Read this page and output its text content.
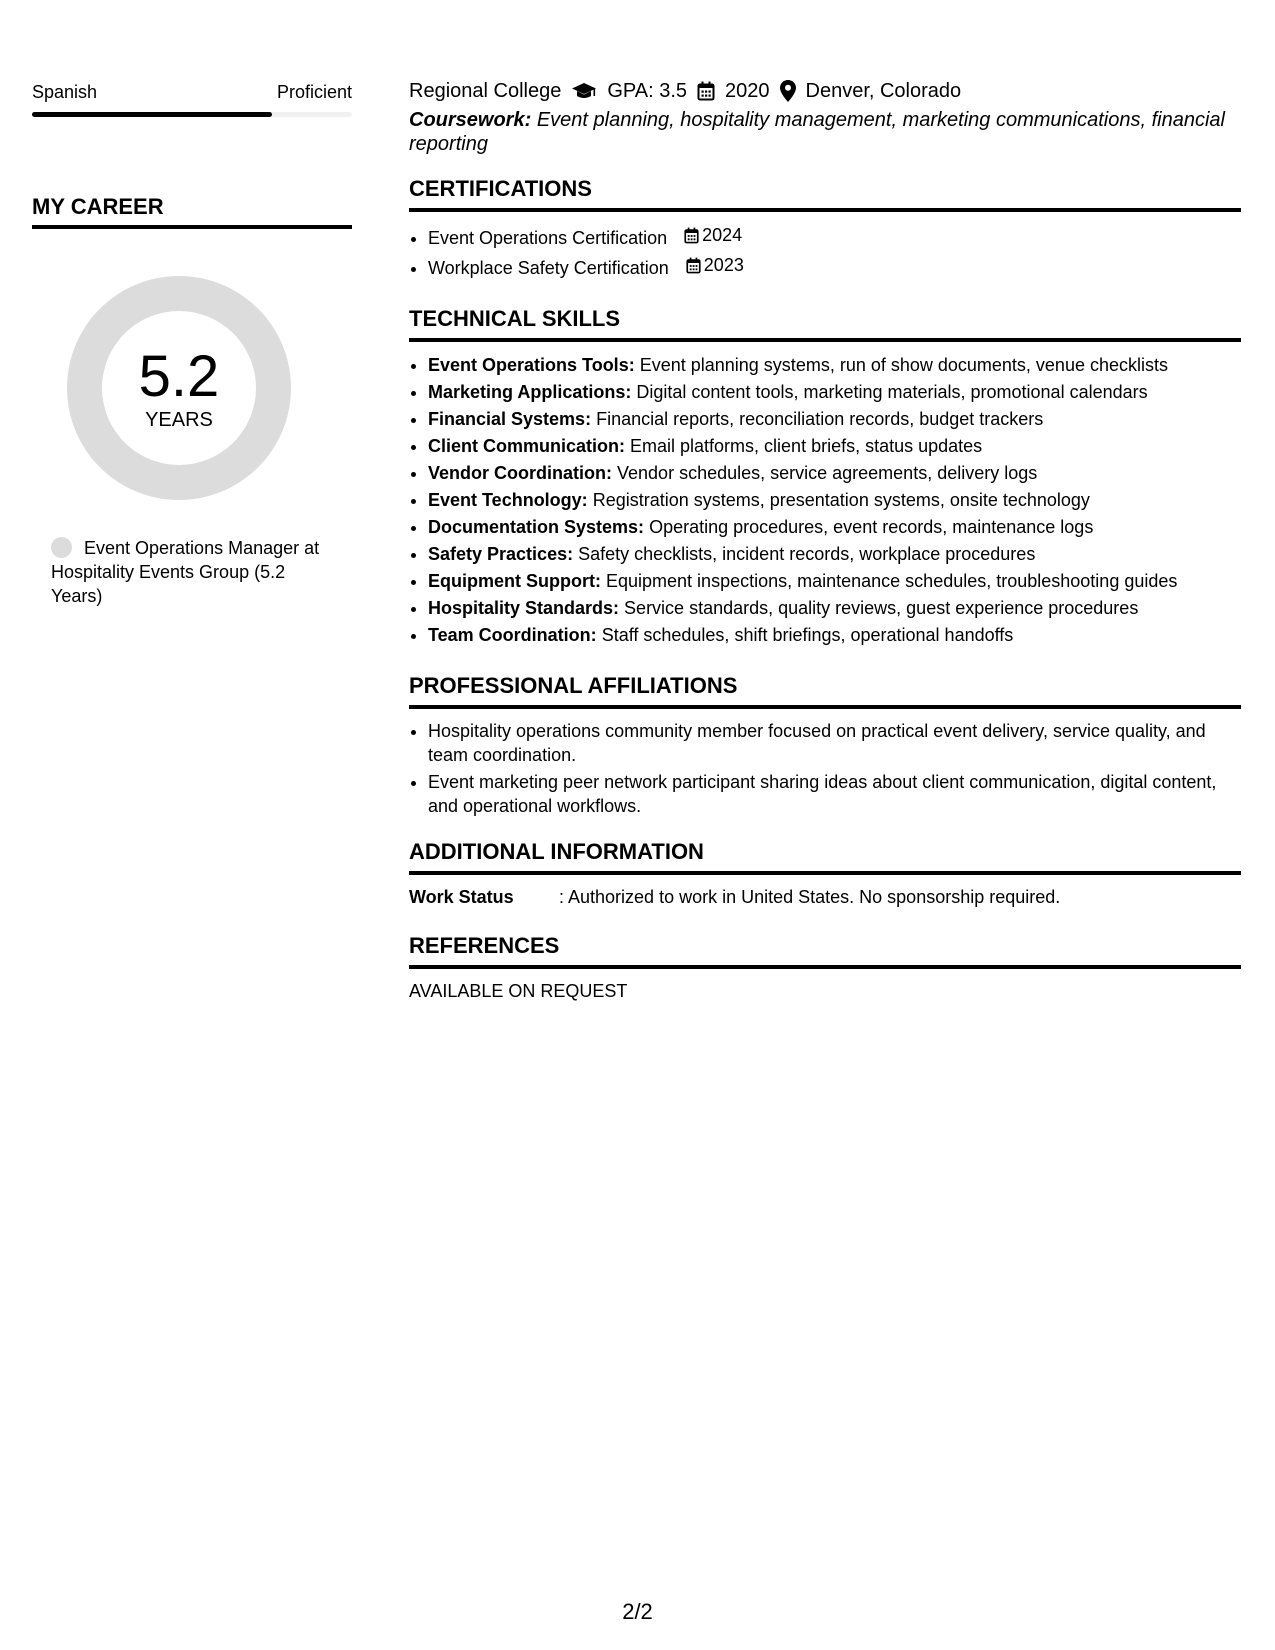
Spanish	Proficient
MY CAREER
5.2
YEARS
Event Operations Manager at Hospitality Events Group (5.2 Years)
Regional College GPA: 3.5 2020 Denver, Colorado
Coursework: Event planning, hospitality management, marketing communications, financial reporting
CERTIFICATIONS
• Event Operations Certification 2024
• Workplace Safety Certification 2023
TECHNICAL SKILLS
• Event Operations Tools: Event planning systems, run of show documents, venue checklists
• Marketing Applications: Digital content tools, marketing materials, promotional calendars
• Financial Systems: Financial reports, reconciliation records, budget trackers
• Client Communication: Email platforms, client briefs, status updates
• Vendor Coordination: Vendor schedules, service agreements, delivery logs
• Event Technology: Registration systems, presentation systems, onsite technology
• Documentation Systems: Operating procedures, event records, maintenance logs
• Safety Practices: Safety checklists, incident records, workplace procedures
• Equipment Support: Equipment inspections, maintenance schedules, troubleshooting guides
• Hospitality Standards: Service standards, quality reviews, guest experience procedures
• Team Coordination: Staff schedules, shift briefings, operational handoffs
PROFESSIONAL AFFILIATIONS
• Hospitality operations community member focused on practical event delivery, service quality, and team coordination.
• Event marketing peer network participant sharing ideas about client communication, digital content, and operational workflows.
ADDITIONAL INFORMATION
Work Status	: Authorized to work in United States. No sponsorship required.
REFERENCES
AVAILABLE ON REQUEST
2/2
